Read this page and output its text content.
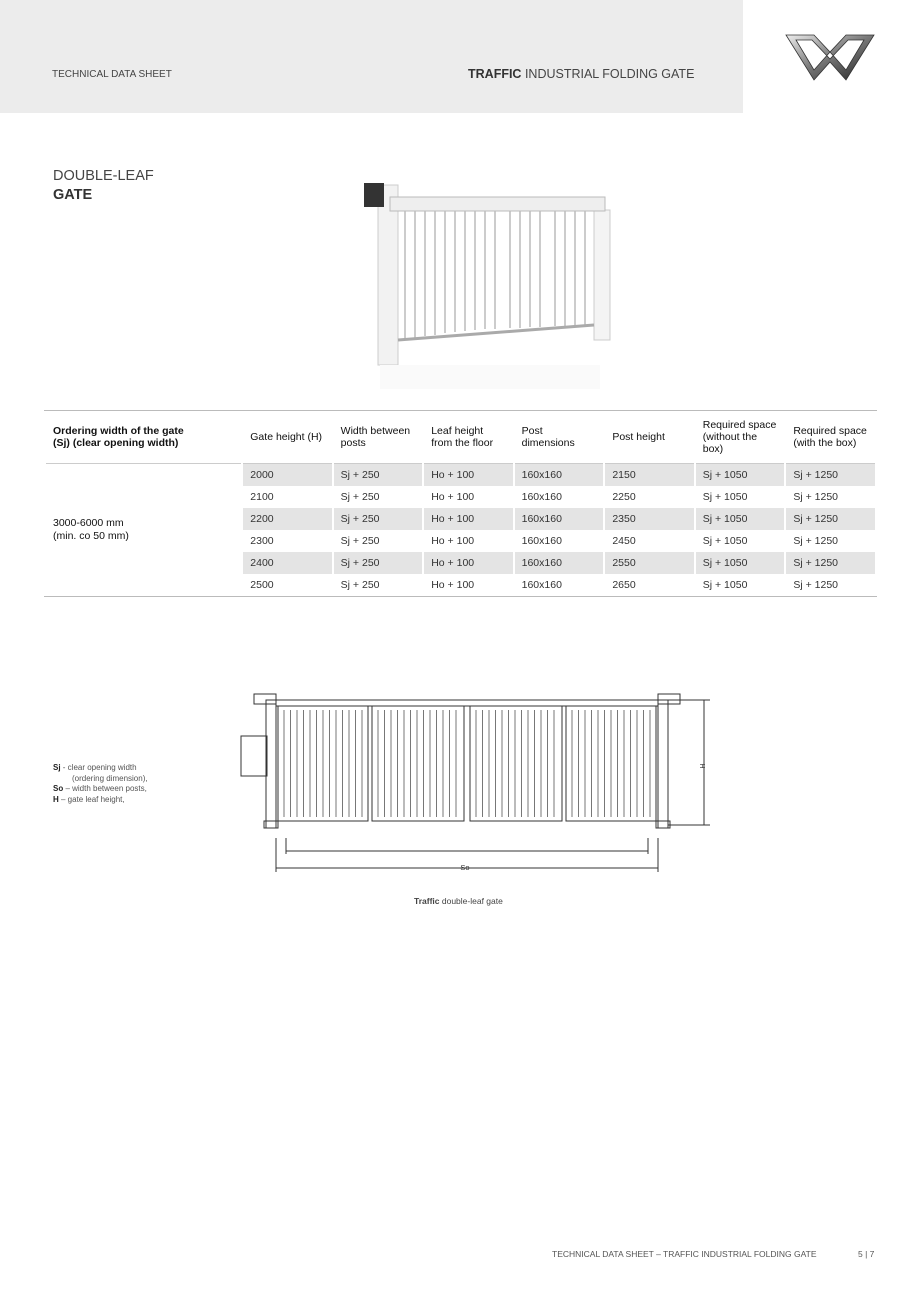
TECHNICAL DATA SHEET	TRAFFIC INDUSTRIAL FOLDING GATE
DOUBLE-LEAF
GATE
Ordering width of the gate
(Sj) (clear opening width)	Gate height (H)	Width between posts	Leaf height from the floor	Post dimensions	Post height	Required space (without the box)	Required space (with the box)
3000-6000 mm
(min. co 50 mm)	2000	Sj + 250	Ho + 100	160x160	2150	Sj + 1050	Sj + 1250
	2100	Sj + 250	Ho + 100	160x160	2250	Sj + 1050	Sj + 1250
	2200	Sj + 250	Ho + 100	160x160	2350	Sj + 1050	Sj + 1250
	2300	Sj + 250	Ho + 100	160x160	2450	Sj + 1050	Sj + 1250
	2400	Sj + 250	Ho + 100	160x160	2550	Sj + 1050	Sj + 1250
	2500	Sj + 250	Ho + 100	160x160	2650	Sj + 1050	Sj + 1250
Sj - clear opening width
(ordering dimension),
So – width between posts,
H – gate leaf height,
H
So
Traffic double-leaf gate
TECHNICAL DATA SHEET – TRAFFIC INDUSTRIAL FOLDING GATE	5 | 7
